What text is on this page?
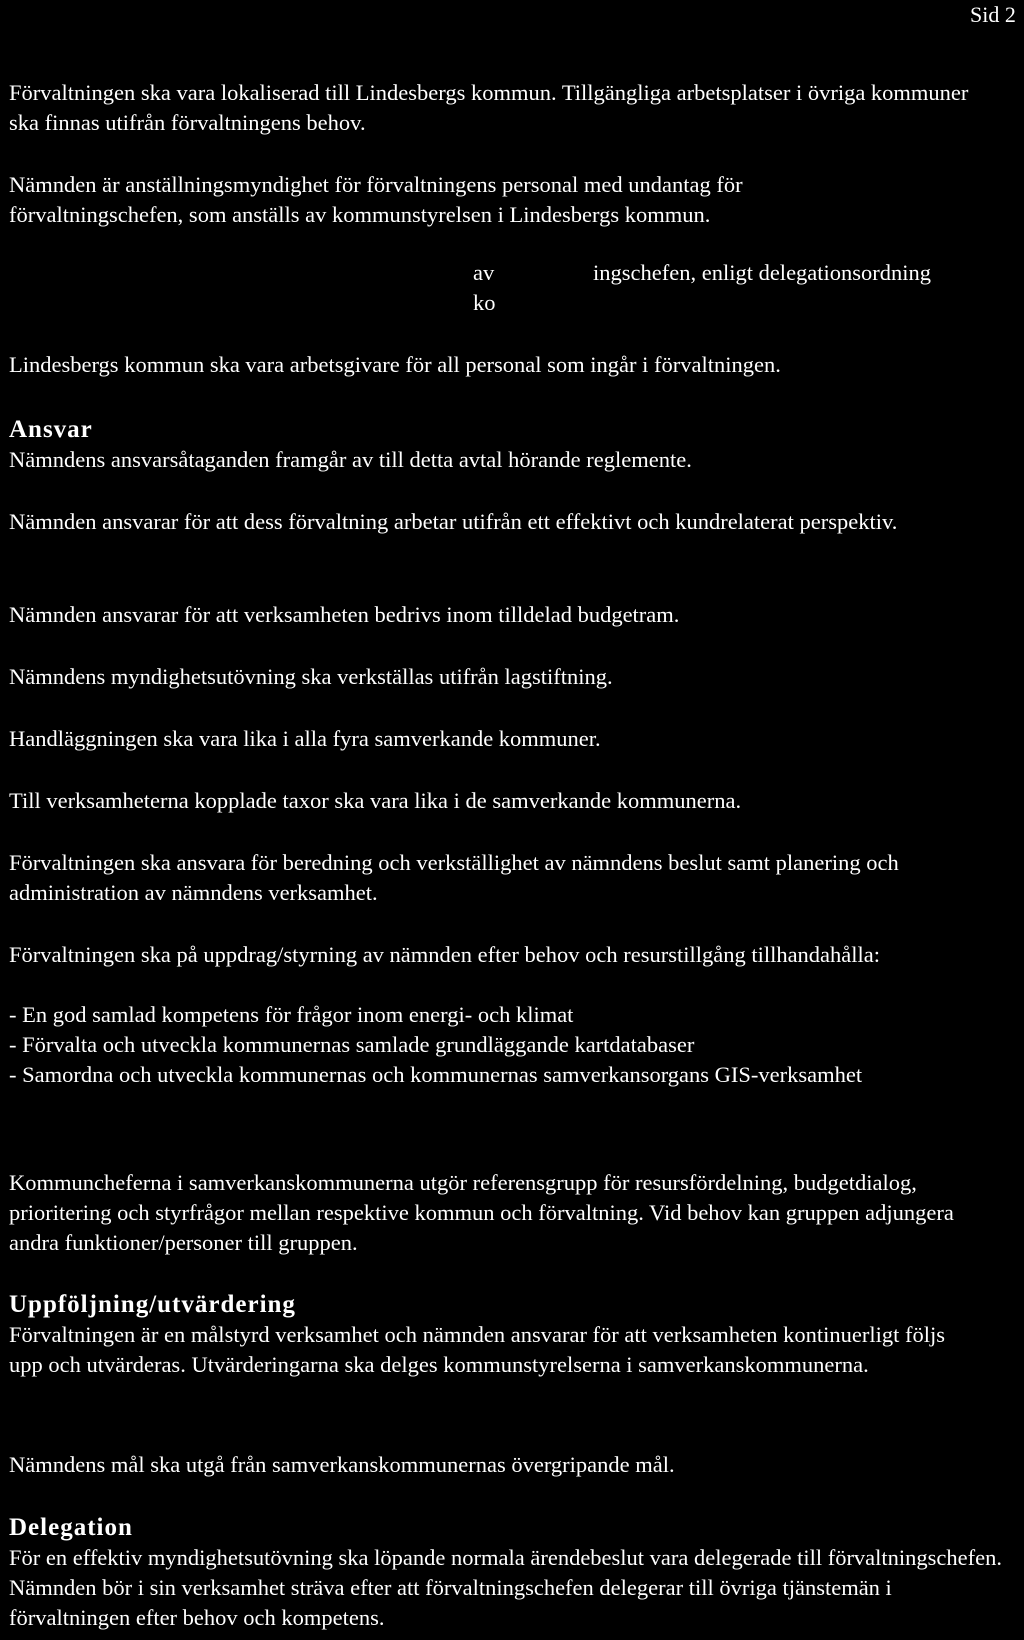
Sid 2

Förvaltningen ska vara lokaliserad till Lindesbergs kommun. Tillgängliga arbetsplatser i övriga kommuner ska finnas utifrån förvaltningens behov.

Nämnden är anställningsmyndighet för förvaltningens personal med undantag för förvaltningschefen, som anställs av kommunstyrelsen i Lindesbergs kommun.

av
ko
ingschefen, enligt delegationsordning

Lindesbergs kommun ska vara arbetsgivare för all personal som ingår i förvaltningen.

Ansvar

Nämndens ansvarsåtaganden framgår av till detta avtal hörande reglemente.

Nämnden ansvarar för att dess förvaltning arbetar utifrån ett effektivt och kundrelaterat perspektiv.

Nämnden ansvarar för att verksamheten bedrivs inom tilldelad budgetram.

Nämndens myndighetsutövning ska verkställas utifrån lagstiftning.

Handläggningen ska vara lika i alla fyra samverkande kommuner.

Till verksamheterna kopplade taxor ska vara lika i de samverkande kommunerna.

Förvaltningen ska ansvara för beredning och verkställighet av nämndens beslut samt planering och administration av nämndens verksamhet.

Förvaltningen ska på uppdrag/styrning av nämnden efter behov och resurstillgång tillhandahålla:

- En god samlad kompetens för frågor inom energi- och klimat
- Förvalta och utveckla kommunernas samlade grundläggande kartdatabaser
- Samordna och utveckla kommunernas och kommunernas samverkansorgans GIS-verksamhet

Kommuncheferna i samverkanskommunerna utgör referensgrupp för resursfördelning, budgetdialog, prioritering och styrfrågor mellan respektive kommun och förvaltning. Vid behov kan gruppen adjungera andra funktioner/personer till gruppen.

Uppföljning/utvärdering

Förvaltningen är en målstyrd verksamhet och nämnden ansvarar för att verksamheten kontinuerligt följs upp och utvärderas. Utvärderingarna ska delges kommunstyrelserna i samverkanskommunerna.

Nämndens mål ska utgå från samverkanskommunernas övergripande mål.

Delegation

För en effektiv myndighetsutövning ska löpande normala ärendebeslut vara delegerade till förvaltningschefen. Nämnden bör i sin verksamhet sträva efter att förvaltningschefen delegerar till övriga tjänstemän i förvaltningen efter behov och kompetens.
